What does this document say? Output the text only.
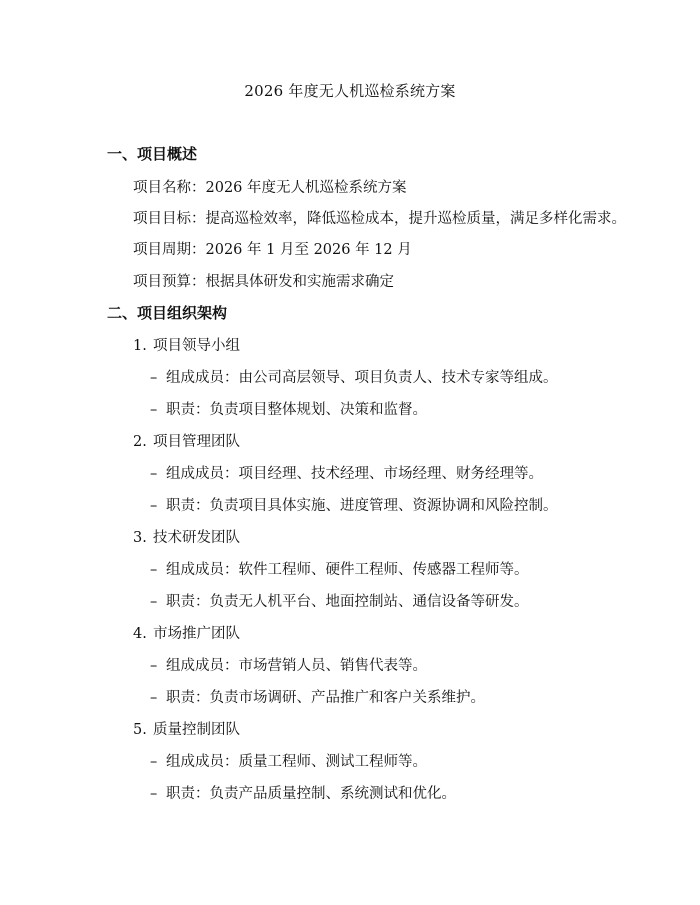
2026 年度无人机巡检系统方案
一、项目概述
项目名称：2026 年度无人机巡检系统方案
项目目标：提高巡检效率，降低巡检成本，提升巡检质量，满足多样化需求。
项目周期：2026 年 1 月至 2026 年 12 月
项目预算：根据具体研发和实施需求确定
二、项目组织架构
1. 项目领导小组
– 组成成员：由公司高层领导、项目负责人、技术专家等组成。
– 职责：负责项目整体规划、决策和监督。
2. 项目管理团队
– 组成成员：项目经理、技术经理、市场经理、财务经理等。
– 职责：负责项目具体实施、进度管理、资源协调和风险控制。
3. 技术研发团队
– 组成成员：软件工程师、硬件工程师、传感器工程师等。
– 职责：负责无人机平台、地面控制站、通信设备等研发。
4. 市场推广团队
– 组成成员：市场营销人员、销售代表等。
– 职责：负责市场调研、产品推广和客户关系维护。
5. 质量控制团队
– 组成成员：质量工程师、测试工程师等。
– 职责：负责产品质量控制、系统测试和优化。
